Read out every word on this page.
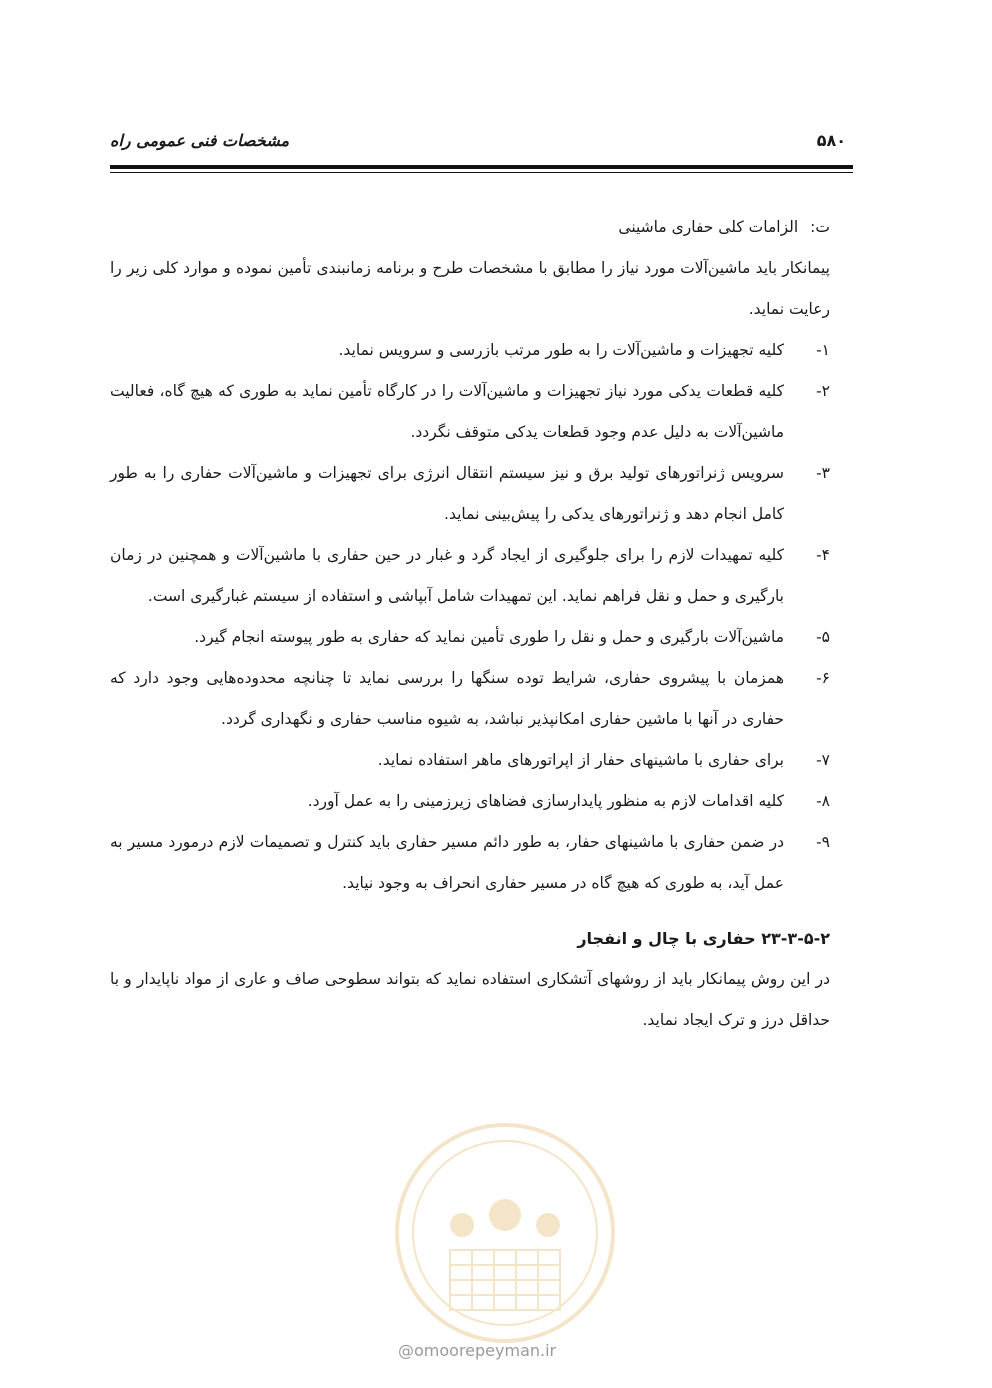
مشخصات فنی عمومی راه	۵۸۰
ت:
الزامات کلی حفاری ماشینی

پیمانکار باید ماشین‌آلات مورد نیاز را مطابق با مشخصات طرح و برنامه زمانبندی تأمین نموده و موارد کلی زیر را رعایت نماید.

۱-
کلیه تجهیزات و ماشین‌آلات را به طور مرتب بازرسی و سرویس نماید.
۲-
کلیه قطعات یدکی مورد نیاز تجهیزات و ماشین‌آلات را در کارگاه تأمین نماید به طوری که هیچ گاه، فعالیت ماشین‌آلات به دلیل عدم وجود قطعات یدکی متوقف نگردد.
۳-
سرویس ژنراتورهای تولید برق و نیز سیستم انتقال انرژی برای تجهیزات و ماشین‌آلات حفاری را به طور کامل انجام دهد و ژنراتورهای یدکی را پیش‌بینی نماید.
۴-
کلیه تمهیدات لازم را برای جلوگیری از ایجاد گرد و غبار در حین حفاری با ماشین‌آلات و همچنین در زمان بارگیری و حمل و نقل فراهم نماید. این تمهیدات شامل آبپاشی و استفاده از سیستم غبارگیری است.
۵-
ماشین‌آلات بارگیری و حمل و نقل را طوری تأمین نماید که حفاری به طور پیوسته انجام گیرد.
۶-
همزمان با پیشروی حفاری، شرایط توده سنگها را بررسی نماید تا چنانچه محدوده‌هایی وجود دارد که حفاری در آنها با ماشین حفاری امکانپذیر نباشد، به شیوه مناسب حفاری و نگهداری گردد.
۷-
برای حفاری با ماشینهای حفار از اپراتورهای ماهر استفاده نماید.
۸-
کلیه اقدامات لازم به منظور پایدارسازی فضاهای زیرزمینی را به عمل آورد.
۹-
در ضمن حفاری با ماشینهای حفار، به طور دائم مسیر حفاری باید کنترل و تصمیمات لازم درمورد مسیر به عمل آید، به طوری که هیچ گاه در مسیر حفاری انحراف به وجود نیاید.
۲۳-۳-۵-۲ حفاری با چال و انفجار

در این روش پیمانکار باید از روشهای آتشکاری استفاده نماید که بتواند سطوحی صاف و عاری از مواد ناپایدار و با حداقل درز و ترک ایجاد نماید.

@omoorepeyman.ir
